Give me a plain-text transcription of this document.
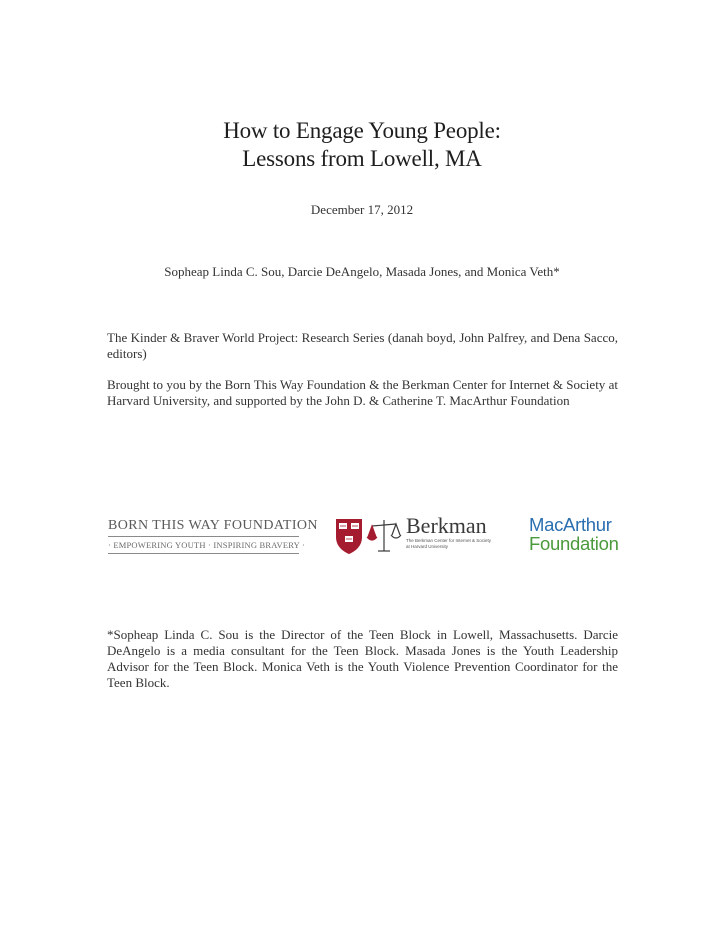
How to Engage Young People:
Lessons from Lowell, MA
December 17, 2012
Sopheap Linda C. Sou, Darcie DeAngelo, Masada Jones, and Monica Veth*
The Kinder & Braver World Project: Research Series (danah boyd, John Palfrey, and Dena Sacco, editors)
Brought to you by the Born This Way Foundation & the Berkman Center for Internet & Society at Harvard University, and supported by the John D. & Catherine T. MacArthur Foundation
BORN THIS WAY FOUNDATION
· EMPOWERING YOUTH · INSPIRING BRAVERY ·
Berkman
The Berkman Center for Internet & Society
at Harvard University
MacArthur
Foundation
*Sopheap Linda C. Sou is the Director of the Teen Block in Lowell, Massachusetts. Darcie DeAngelo is a media consultant for the Teen Block. Masada Jones is the Youth Leadership Advisor for the Teen Block. Monica Veth is the Youth Violence Prevention Coordinator for the Teen Block.
